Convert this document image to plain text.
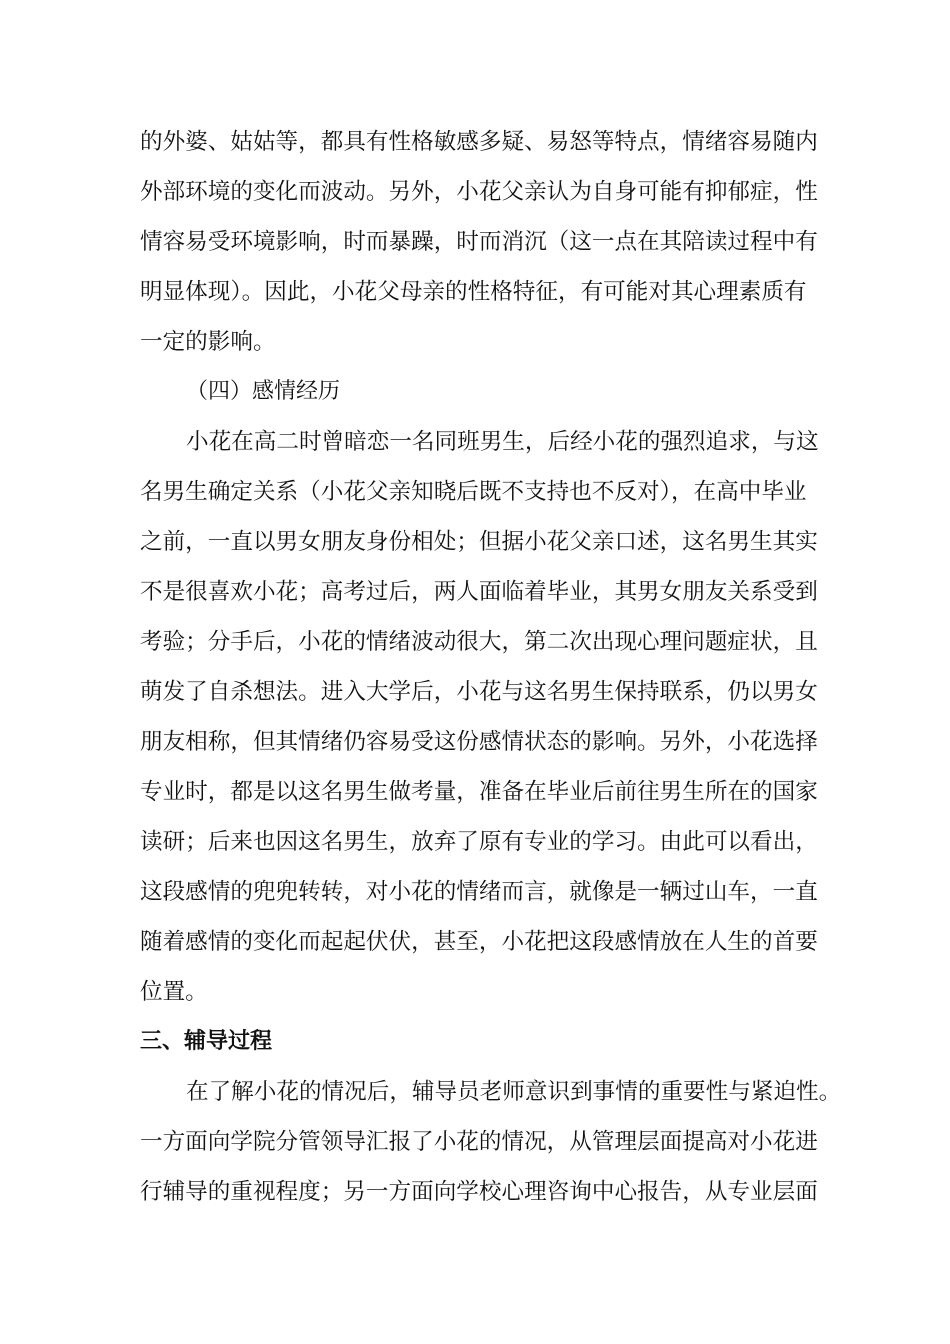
的外婆、姑姑等，都具有性格敏感多疑、易怒等特点，情绪容易随内
外部环境的变化而波动。另外，小花父亲认为自身可能有抑郁症，性
情容易受环境影响，时而暴躁，时而消沉（这一点在其陪读过程中有
明显体现）。因此，小花父母亲的性格特征，有可能对其心理素质有
一定的影响。
（四）感情经历
小花在高二时曾暗恋一名同班男生，后经小花的强烈追求，与这
名男生确定关系（小花父亲知晓后既不支持也不反对），在高中毕业
之前，一直以男女朋友身份相处；但据小花父亲口述，这名男生其实
不是很喜欢小花；高考过后，两人面临着毕业，其男女朋友关系受到
考验；分手后，小花的情绪波动很大，第二次出现心理问题症状，且
萌发了自杀想法。进入大学后，小花与这名男生保持联系，仍以男女
朋友相称，但其情绪仍容易受这份感情状态的影响。另外，小花选择
专业时，都是以这名男生做考量，准备在毕业后前往男生所在的国家
读研；后来也因这名男生，放弃了原有专业的学习。由此可以看出，
这段感情的兜兜转转，对小花的情绪而言，就像是一辆过山车，一直
随着感情的变化而起起伏伏，甚至，小花把这段感情放在人生的首要
位置。
三、辅导过程
在了解小花的情况后，辅导员老师意识到事情的重要性与紧迫性。
一方面向学院分管领导汇报了小花的情况，从管理层面提高对小花进
行辅导的重视程度；另一方面向学校心理咨询中心报告，从专业层面
